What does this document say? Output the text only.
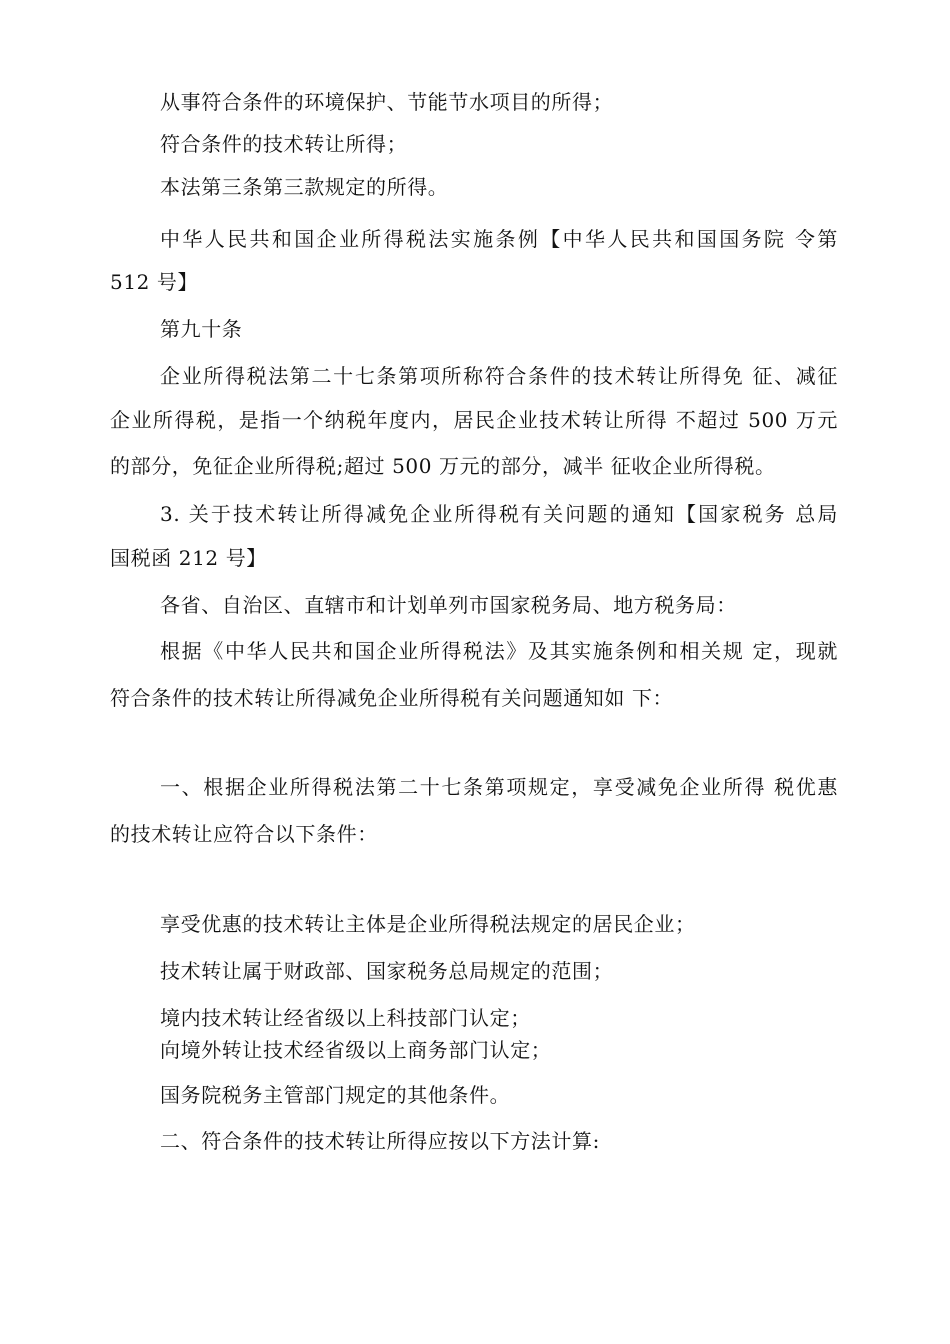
从事符合条件的环境保护、节能节水项目的所得；
符合条件的技术转让所得；
本法第三条第三款规定的所得。
中华人民共和国企业所得税法实施条例【中华人民共和国国务院 令第
512 号】
第九十条
企业所得税法第二十七条第项所称符合条件的技术转让所得免 征、减征
企业所得税，是指一个纳税年度内，居民企业技术转让所得 不超过 500 万元
的部分，免征企业所得税;超过 500 万元的部分，减半 征收企业所得税。
3. 关于技术转让所得减免企业所得税有关问题的通知【国家税务 总局
国税函 212 号】
各省、自治区、直辖市和计划单列市国家税务局、地方税务局：
根据《中华人民共和国企业所得税法》及其实施条例和相关规 定，现就
符合条件的技术转让所得减免企业所得税有关问题通知如 下：
一、根据企业所得税法第二十七条第项规定，享受减免企业所得 税优惠
的技术转让应符合以下条件：
享受优惠的技术转让主体是企业所得税法规定的居民企业；
技术转让属于财政部、国家税务总局规定的范围；
境内技术转让经省级以上科技部门认定；
向境外转让技术经省级以上商务部门认定；
国务院税务主管部门规定的其他条件。
二、符合条件的技术转让所得应按以下方法计算:
